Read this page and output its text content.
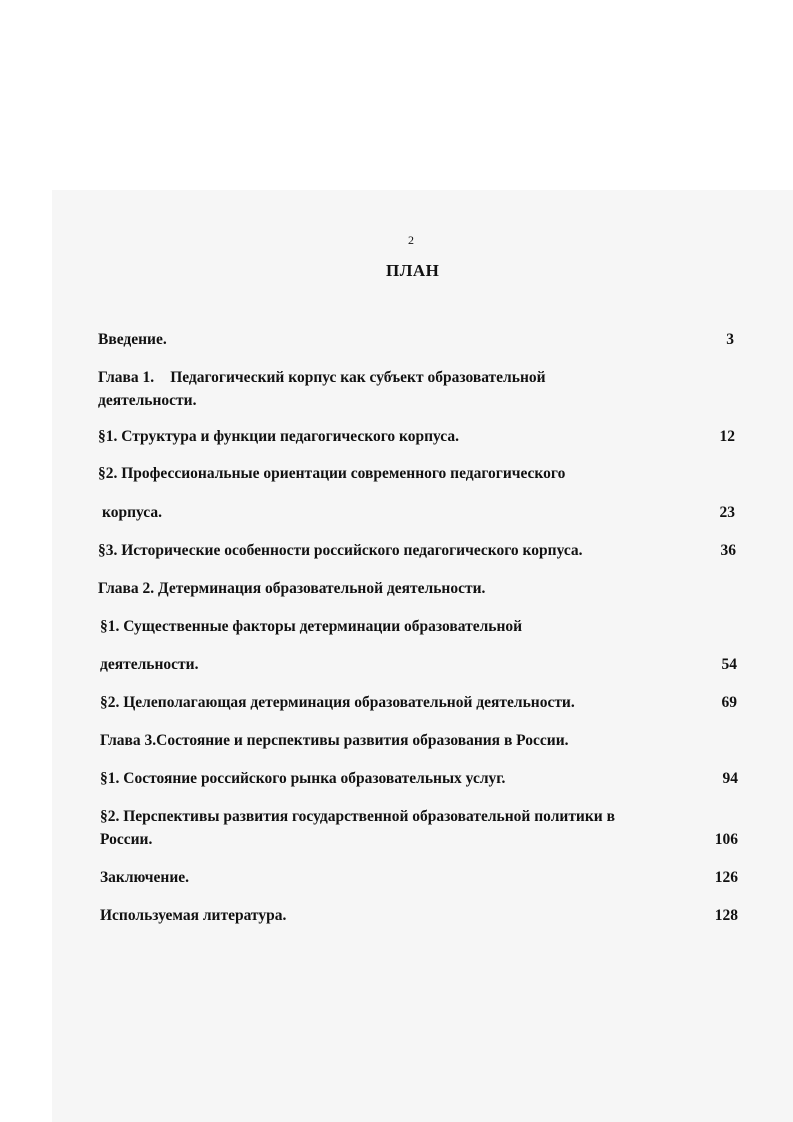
2
ПЛАН
Введение.	3
Глава 1. Педагогический корпус как субъект образовательной
деятельности.
§1. Структура и функции педагогического корпуса.	12
§2. Профессиональные ориентации современного педагогического
корпуса.	23
§3. Исторические особенности российского педагогического корпуса.	36
Глава 2. Детерминация образовательной деятельности.
§1. Существенные факторы детерминации образовательной
деятельности.	54
§2. Целеполагающая детерминация образовательной деятельности.	69
Глава 3.Состояние и перспективы развития образования в России.
§1. Состояние российского рынка образовательных услуг.	94
§2. Перспективы развития государственной образовательной политики в
России.	106
Заключение.	126
Используемая литература.	128
